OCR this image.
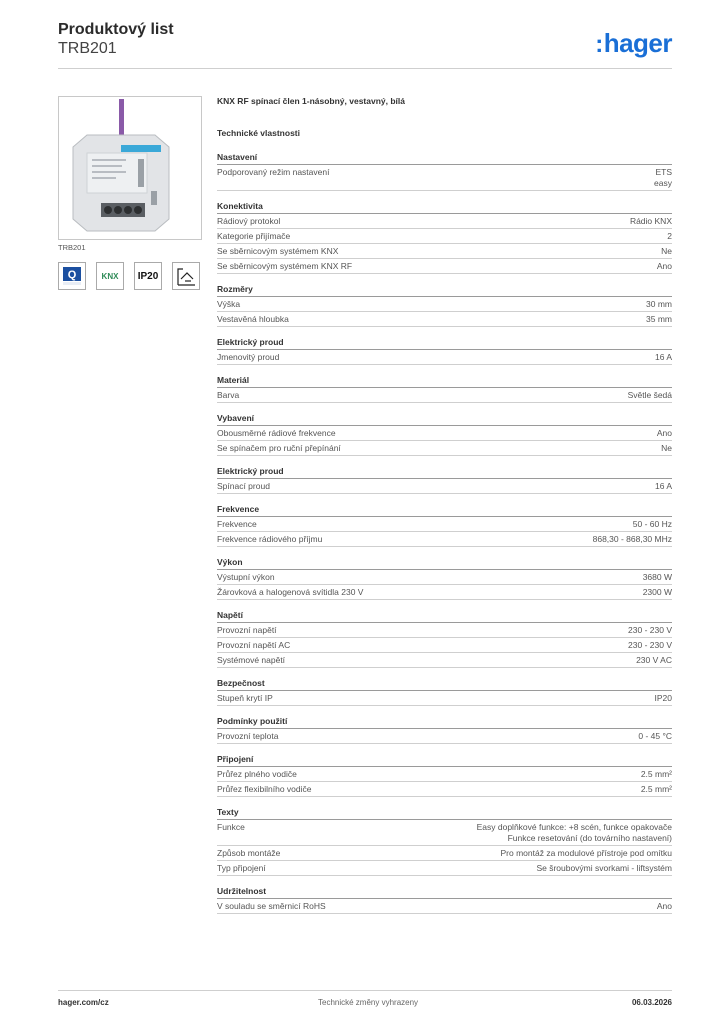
Produktový list
TRB201	:hager
TRB201
Q	KNX IP20
KNX RF spínací člen 1-násobný, vestavný, bílá
Technické vlastnosti
Nastavení
Podporovaný režim nastavení	ETS
easy
Konektivita
Rádiový protokol	Rádio KNX
Kategorie přijímače	2
Se sběrnicovým systémem KNX	Ne
Se sběrnicovým systémem KNX RF	Ano
Rozměry
Výška	30 mm
Vestavěná hloubka	35 mm
Elektrický proud
Jmenovitý proud	16 A
Materiál
Barva	Světle šedá
Vybavení
Obousměrné rádiové frekvence	Ano
Se spínačem pro ruční přepínání	Ne
Elektrický proud
Spínací proud	16 A
Frekvence
Frekvence	50 - 60 Hz
Frekvence rádiového příjmu	868,30 - 868,30 MHz
Výkon
Výstupní výkon	3680 W
Žárovková a halogenová svítidla 230 V	2300 W
Napětí
Provozní napětí	230 - 230 V
Provozní napětí AC	230 - 230 V
Systémové napětí	230 V AC
Bezpečnost
Stupeň krytí IP	IP20
Podmínky použití
Provozní teplota	0 - 45 °C
Připojení
Průřez plného vodiče	2.5 mm²
Průřez flexibilního vodiče	2.5 mm²
Texty
Funkce	Easy doplňkové funkce: +8 scén, funkce opakovače
Funkce resetování (do továrního nastavení)
Způsob montáže	Pro montáž za modulové přístroje pod omítku
Typ připojení	Se šroubovými svorkami - liftsystém
Udržitelnost
V souladu se směrnicí RoHS	Ano
hager.com/cz	Technické změny vyhrazeny	06.03.2026
